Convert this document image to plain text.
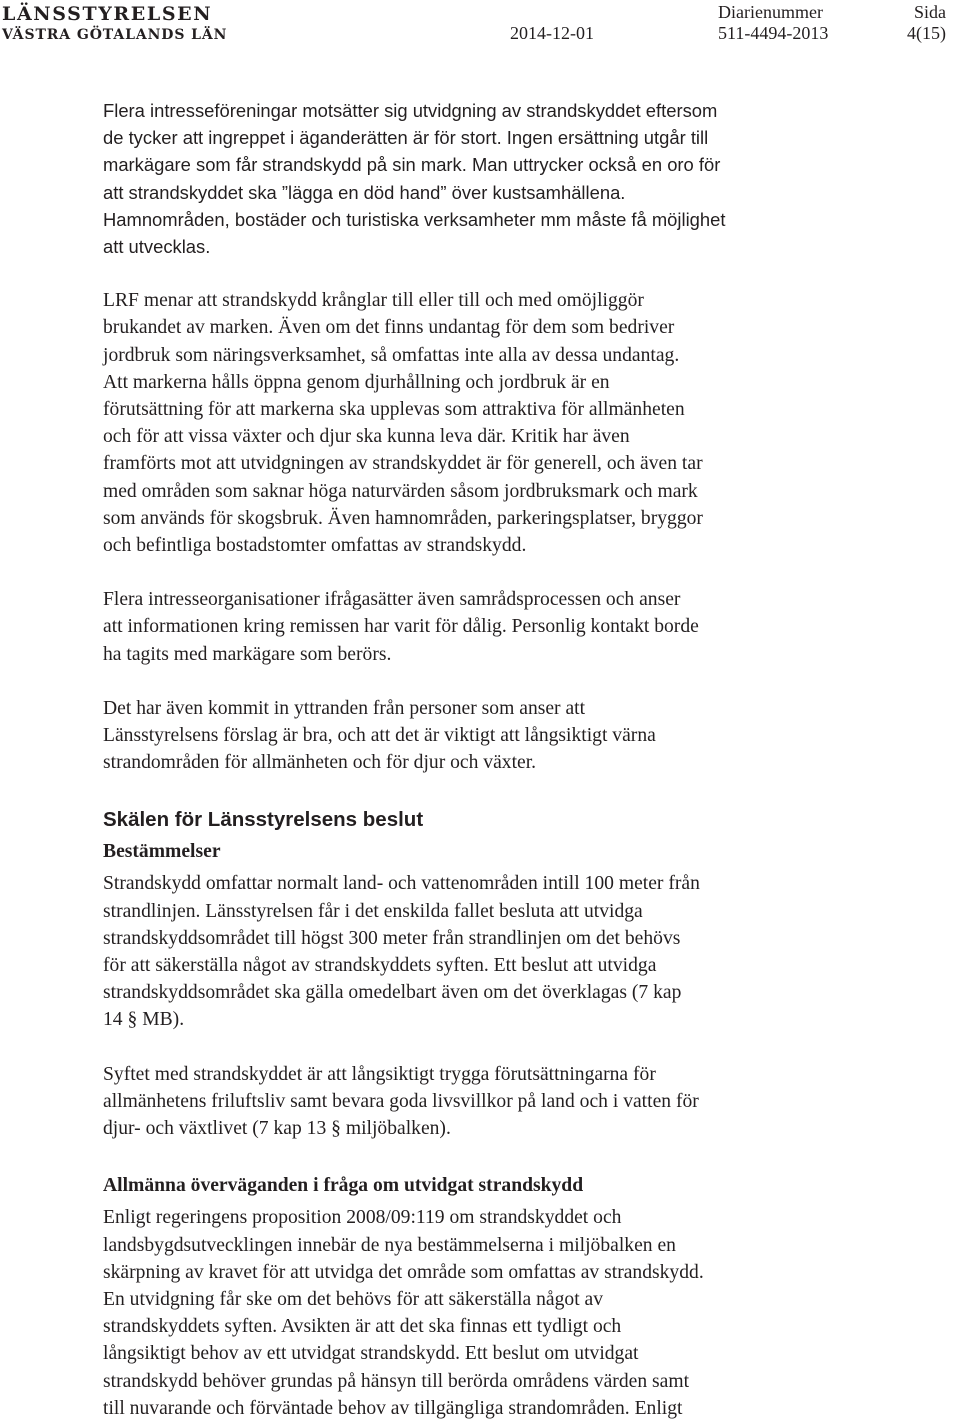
LÄNSSTYRELSEN
VÄSTRA GÖTALANDS LÄN	2014-12-01
Diarienummer
511-4494-2013
Sida
4(15)

Flera intresseföreningar motsätter sig utvidgning av strandskyddet eftersom
de tycker att ingreppet i äganderätten är för stort. Ingen ersättning utgår till
markägare som får strandskydd på sin mark. Man uttrycker också en oro för
att strandskyddet ska ”lägga en död hand” över kustsamhällena.
Hamnområden, bostäder och turistiska verksamheter mm måste få möjlighet
att utvecklas.

LRF menar att strandskydd krånglar till eller till och med omöjliggör
brukandet av marken. Även om det finns undantag för dem som bedriver
jordbruk som näringsverksamhet, så omfattas inte alla av dessa undantag.
Att markerna hålls öppna genom djurhållning och jordbruk är en
förutsättning för att markerna ska upplevas som attraktiva för allmänheten
och för att vissa växter och djur ska kunna leva där. Kritik har även
framförts mot att utvidgningen av strandskyddet är för generell, och även tar
med områden som saknar höga naturvärden såsom jordbruksmark och mark
som används för skogsbruk. Även hamnområden, parkeringsplatser, bryggor
och befintliga bostadstomter omfattas av strandskydd.

Flera intresseorganisationer ifrågasätter även samrådsprocessen och anser
att informationen kring remissen har varit för dålig. Personlig kontakt borde
ha tagits med markägare som berörs.

Det har även kommit in yttranden från personer som anser att
Länsstyrelsens förslag är bra, och att det är viktigt att långsiktigt värna
strandområden för allmänheten och för djur och växter.

Skälen för Länsstyrelsens beslut
Bestämmelser

Strandskydd omfattar normalt land- och vattenområden intill 100 meter från
strandlinjen. Länsstyrelsen får i det enskilda fallet besluta att utvidga
strandskyddsområdet till högst 300 meter från strandlinjen om det behövs
för att säkerställa något av strandskyddets syften. Ett beslut att utvidga
strandskyddsområdet ska gälla omedelbart även om det överklagas (7 kap
14 § MB).

Syftet med strandskyddet är att långsiktigt trygga förutsättningarna för
allmänhetens friluftsliv samt bevara goda livsvillkor på land och i vatten för
djur- och växtlivet (7 kap 13 § miljöbalken).

Allmänna överväganden i fråga om utvidgat strandskydd

Enligt regeringens proposition 2008/09:119 om strandskyddet och
landsbygdsutvecklingen innebär de nya bestämmelserna i miljöbalken en
skärpning av kravet för att utvidga det område som omfattas av strandskydd.
En utvidgning får ske om det behövs för att säkerställa något av
strandskyddets syften. Avsikten är att det ska finnas ett tydligt och
långsiktigt behov av ett utvidgat strandskydd. Ett beslut om utvidgat
strandskydd behöver grundas på hänsyn till berörda områdens värden samt
till nuvarande och förväntade behov av tillgängliga strandområden. Enligt
